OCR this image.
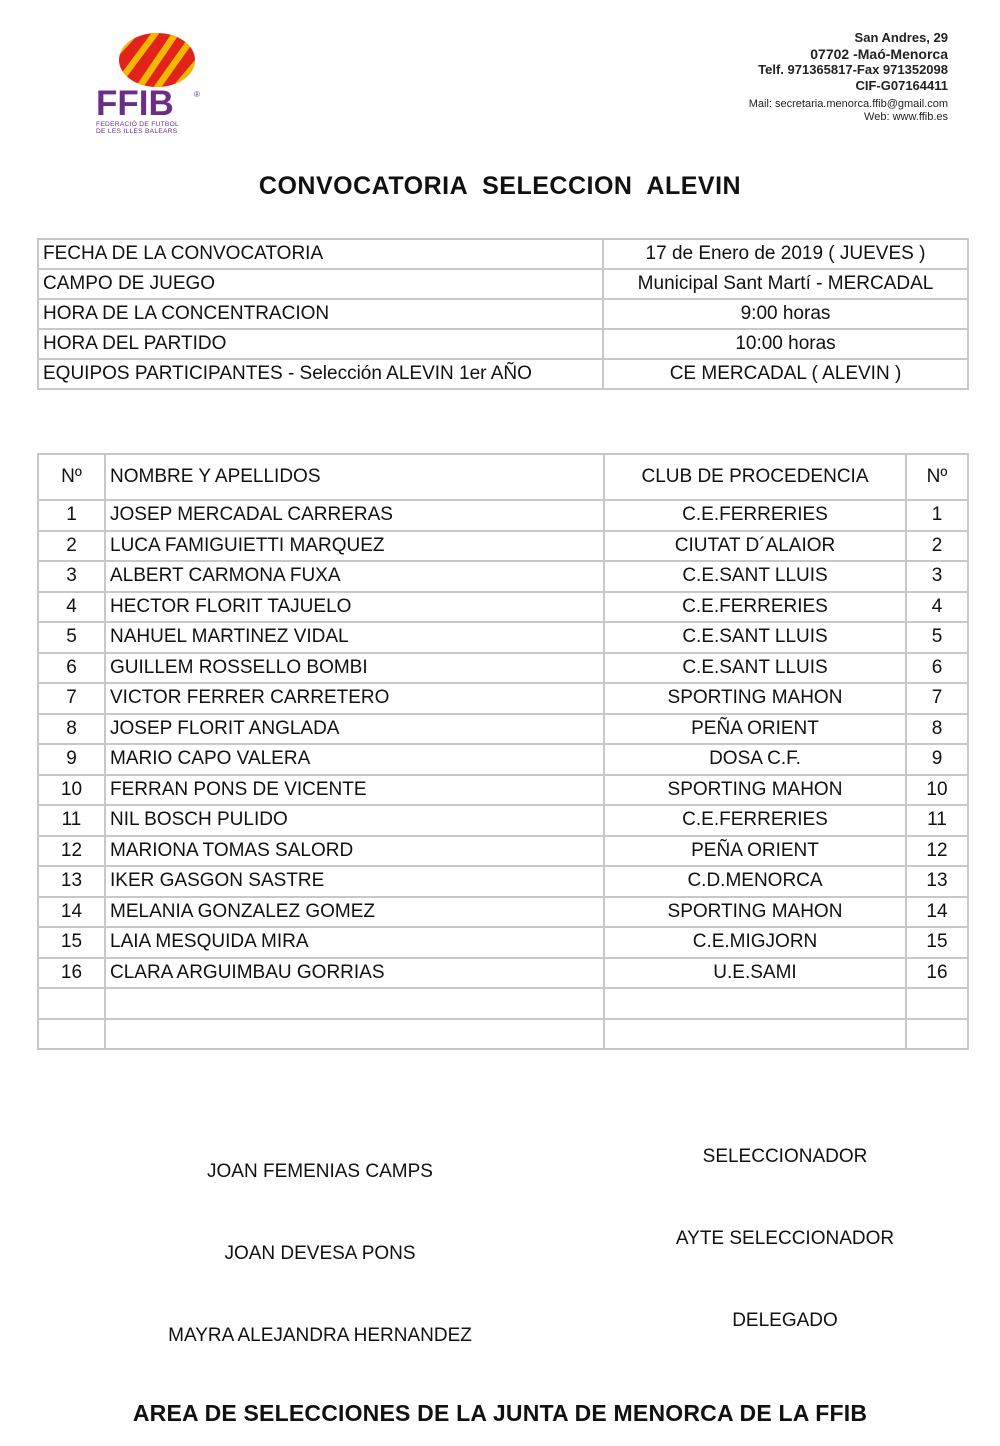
FFIB	®
FEDERACIÓ DE FUTBOL
DE LES ILLES BALEARS
San Andres, 29
07702 -Maó-Menorca
Telf. 971365817-Fax 971352098
CIF-G07164411
Mail: secretaria.menorca.ffib@gmail.com
Web: www.ffib.es
CONVOCATORIA  SELECCION  ALEVIN
FECHA DE LA CONVOCATORIA	17 de Enero de 2019 ( JUEVES )
CAMPO DE JUEGO	Municipal Sant Martí - MERCADAL
HORA DE LA CONCENTRACION	9:00 horas
HORA DEL PARTIDO	10:00 horas
EQUIPOS PARTICIPANTES - Selección ALEVIN 1er AÑO	CE MERCADAL ( ALEVIN )
Nº	NOMBRE Y APELLIDOS	CLUB DE PROCEDENCIA	Nº
1	JOSEP MERCADAL CARRERAS	C.E.FERRERIES	1
2	LUCA FAMIGUIETTI MARQUEZ	CIUTAT D´ALAIOR	2
3	ALBERT CARMONA FUXA	C.E.SANT LLUIS	3
4	HECTOR FLORIT TAJUELO	C.E.FERRERIES	4
5	NAHUEL MARTINEZ VIDAL	C.E.SANT LLUIS	5
6	GUILLEM ROSSELLO BOMBI	C.E.SANT LLUIS	6
7	VICTOR FERRER CARRETERO	SPORTING MAHON	7
8	JOSEP FLORIT ANGLADA	PEÑA ORIENT	8
9	MARIO CAPO VALERA	DOSA C.F.	9
10	FERRAN PONS DE VICENTE	SPORTING MAHON	10
11	NIL BOSCH PULIDO	C.E.FERRERIES	11
12	MARIONA TOMAS SALORD	PEÑA ORIENT	12
13	IKER GASGON SASTRE	C.D.MENORCA	13
14	MELANIA GONZALEZ GOMEZ	SPORTING MAHON	14
15	LAIA MESQUIDA MIRA	C.E.MIGJORN	15
16	CLARA ARGUIMBAU GORRIAS	U.E.SAMI	16

SELECCIONADOR
JOAN FEMENIAS CAMPS
AYTE SELECCIONADOR
JOAN DEVESA PONS
DELEGADO
MAYRA ALEJANDRA HERNANDEZ
AREA DE SELECCIONES DE LA JUNTA DE MENORCA DE LA FFIB
